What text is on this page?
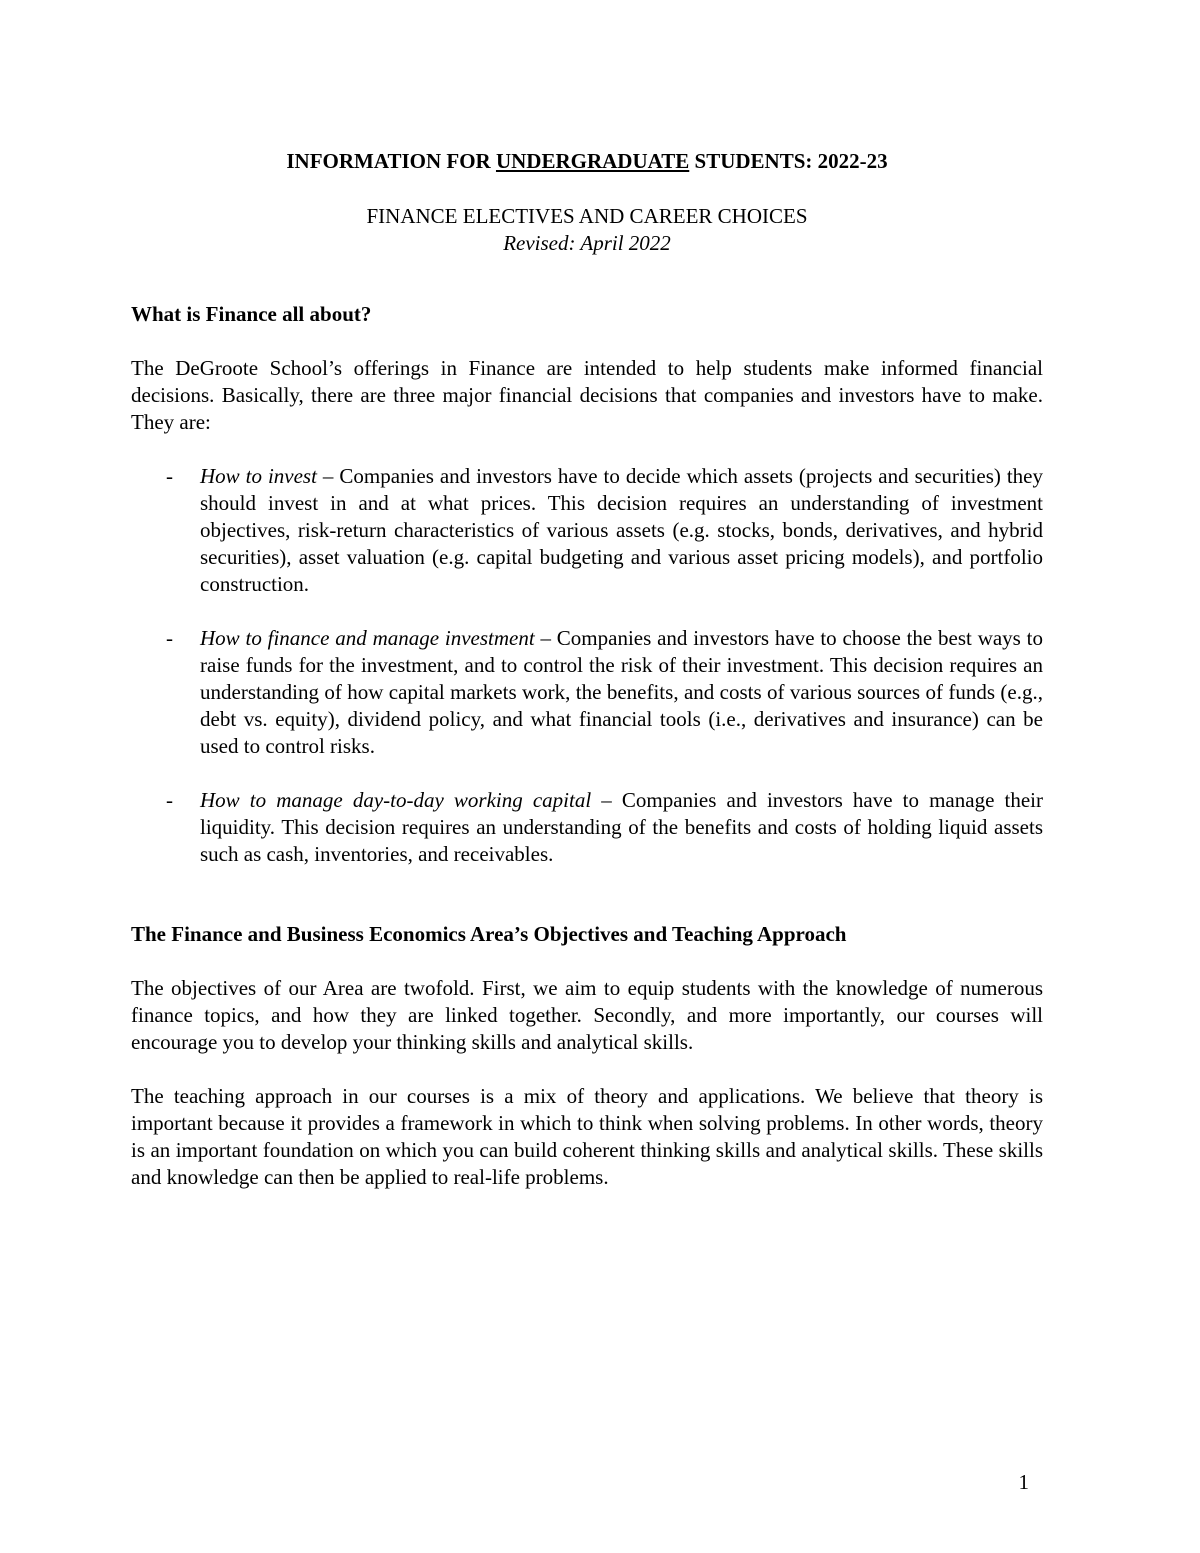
INFORMATION FOR UNDERGRADUATE STUDENTS: 2022-23

FINANCE ELECTIVES AND CAREER CHOICES

Revised: April 2022

What is Finance all about?

The DeGroote School’s offerings in Finance are intended to help students make informed financial decisions. Basically, there are three major financial decisions that companies and investors have to make. They are:

- How to invest – Companies and investors have to decide which assets (projects and securities) they should invest in and at what prices. This decision requires an understanding of investment objectives, risk-return characteristics of various assets (e.g. stocks, bonds, derivatives, and hybrid securities), asset valuation (e.g. capital budgeting and various asset pricing models), and portfolio construction.
- How to finance and manage investment – Companies and investors have to choose the best ways to raise funds for the investment, and to control the risk of their investment. This decision requires an understanding of how capital markets work, the benefits, and costs of various sources of funds (e.g., debt vs. equity), dividend policy, and what financial tools (i.e., derivatives and insurance) can be used to control risks.
- How to manage day-to-day working capital – Companies and investors have to manage their liquidity. This decision requires an understanding of the benefits and costs of holding liquid assets such as cash, inventories, and receivables.

The Finance and Business Economics Area’s Objectives and Teaching Approach

The objectives of our Area are twofold. First, we aim to equip students with the knowledge of numerous finance topics, and how they are linked together. Secondly, and more importantly, our courses will encourage you to develop your thinking skills and analytical skills.

The teaching approach in our courses is a mix of theory and applications. We believe that theory is important because it provides a framework in which to think when solving problems. In other words, theory is an important foundation on which you can build coherent thinking skills and analytical skills. These skills and knowledge can then be applied to real-life problems.

1
